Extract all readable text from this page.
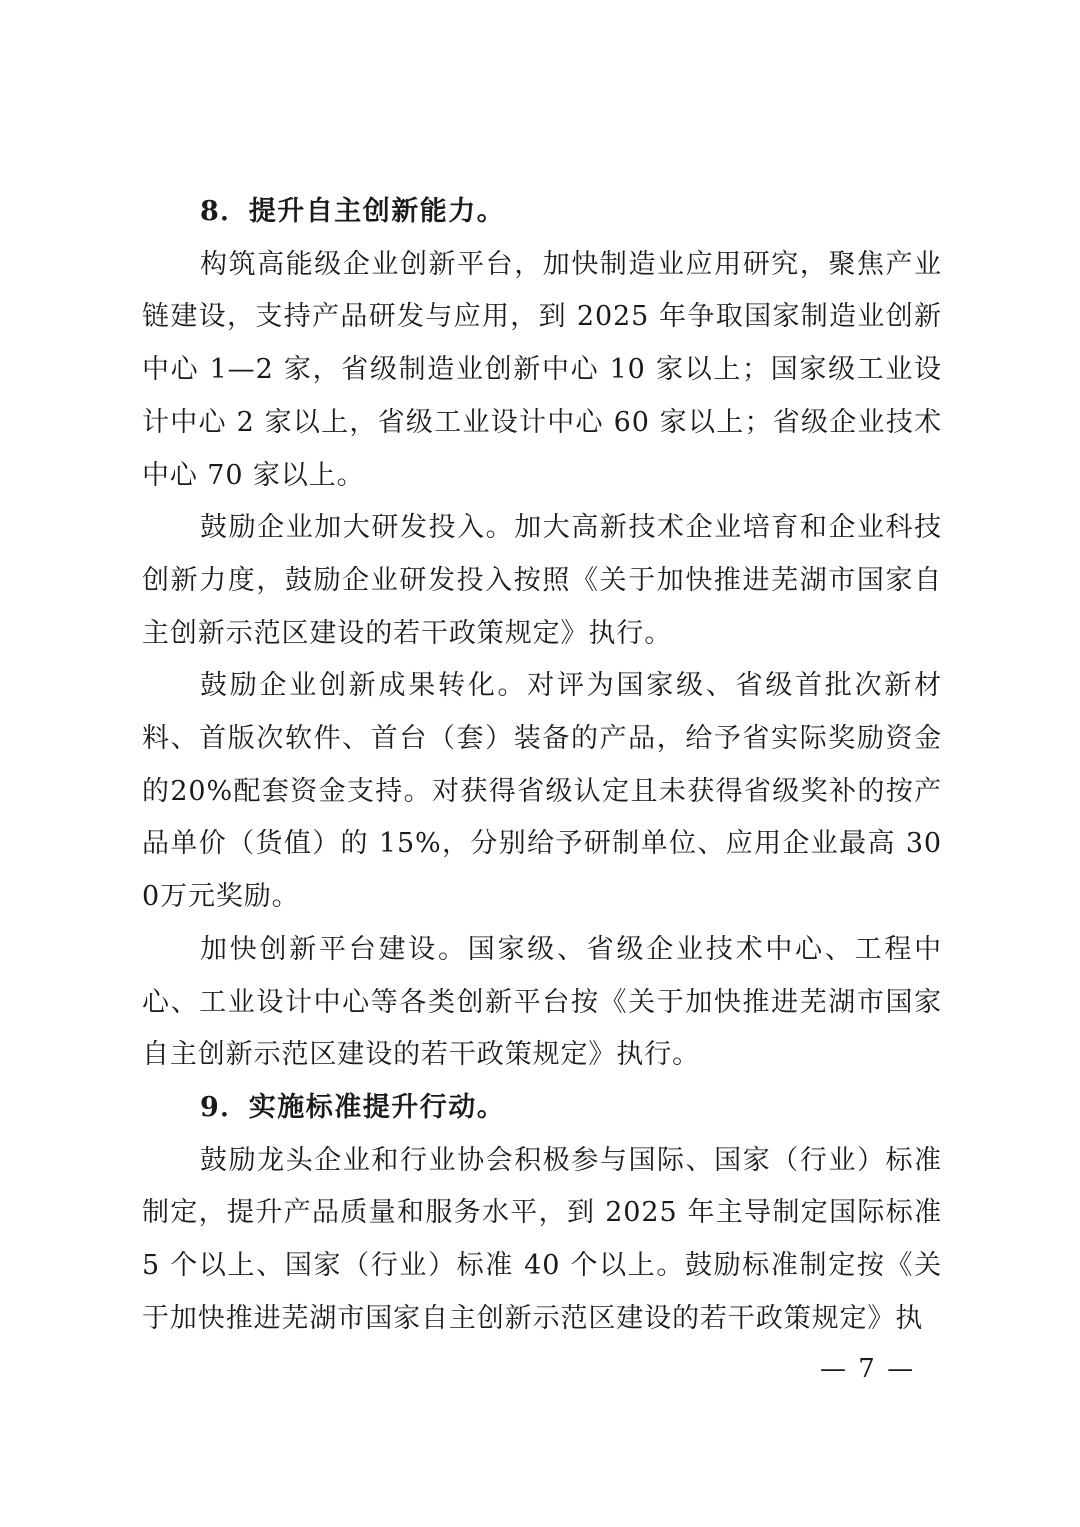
8．提升自主创新能力。

构筑高能级企业创新平台，加快制造业应用研究，聚焦产业链建设，支持产品研发与应用，到 2025 年争取国家制造业创新中心 1—2 家，省级制造业创新中心 10 家以上；国家级工业设计中心 2 家以上，省级工业设计中心 60 家以上；省级企业技术中心 70 家以上。

鼓励企业加大研发投入。加大高新技术企业培育和企业科技创新力度，鼓励企业研发投入按照《关于加快推进芜湖市国家自主创新示范区建设的若干政策规定》执行。

鼓励企业创新成果转化。对评为国家级、省级首批次新材料、首版次软件、首台（套）装备的产品，给予省实际奖励资金的20%配套资金支持。对获得省级认定且未获得省级奖补的按产品单价（货值）的 15%，分别给予研制单位、应用企业最高 300万元奖励。

加快创新平台建设。国家级、省级企业技术中心、工程中心、工业设计中心等各类创新平台按《关于加快推进芜湖市国家自主创新示范区建设的若干政策规定》执行。

9．实施标准提升行动。

鼓励龙头企业和行业协会积极参与国际、国家（行业）标准制定，提升产品质量和服务水平，到 2025 年主导制定国际标准5 个以上、国家（行业）标准 40 个以上。鼓励标准制定按《关于加快推进芜湖市国家自主创新示范区建设的若干政策规定》执

— 7 —
